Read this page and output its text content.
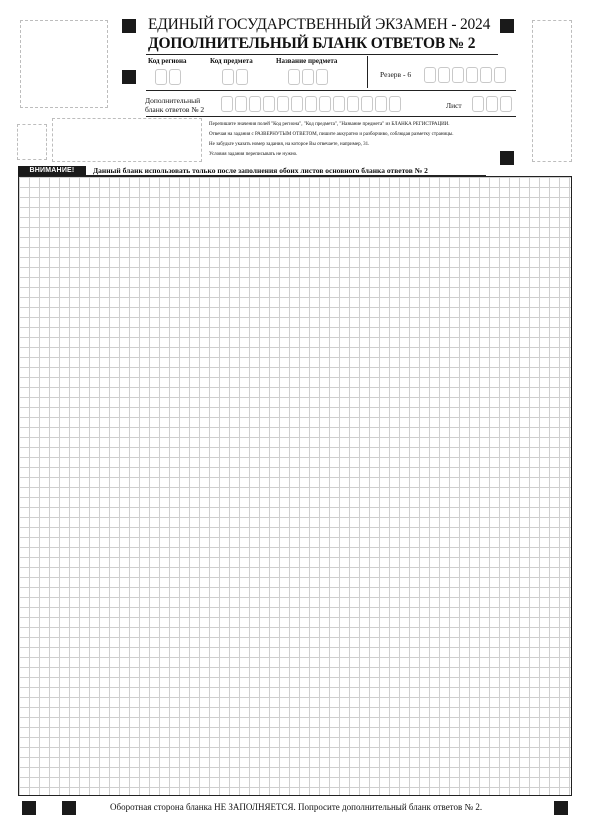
ЕДИНЫЙ ГОСУДАРСТВЕННЫЙ ЭКЗАМЕН - 2024
ДОПОЛНИТЕЛЬНЫЙ БЛАНК ОТВЕТОВ № 2
Код региона	Код предмета	Название предмета
Резерв - 6
Дополнительный
бланк ответов № 2	Лист
Перепишите значения полей "Код региона", "Код предмета", "Название предмета" из БЛАНКА РЕГИСТРАЦИИ.
Отвечая на задания с РАЗВЕРНУТЫМ ОТВЕТОМ, пишите аккуратно и разборчиво, соблюдая разметку страницы.
Не забудьте указать номер задания, на которое Вы отвечаете, например, 31.
Условия задания переписывать не нужно.
ВНИМАНИЕ!	Данный бланк использовать только после заполнения обоих листов основного бланка ответов № 2
Оборотная сторона бланка НЕ ЗАПОЛНЯЕТСЯ. Попросите дополнительный бланк ответов № 2.
